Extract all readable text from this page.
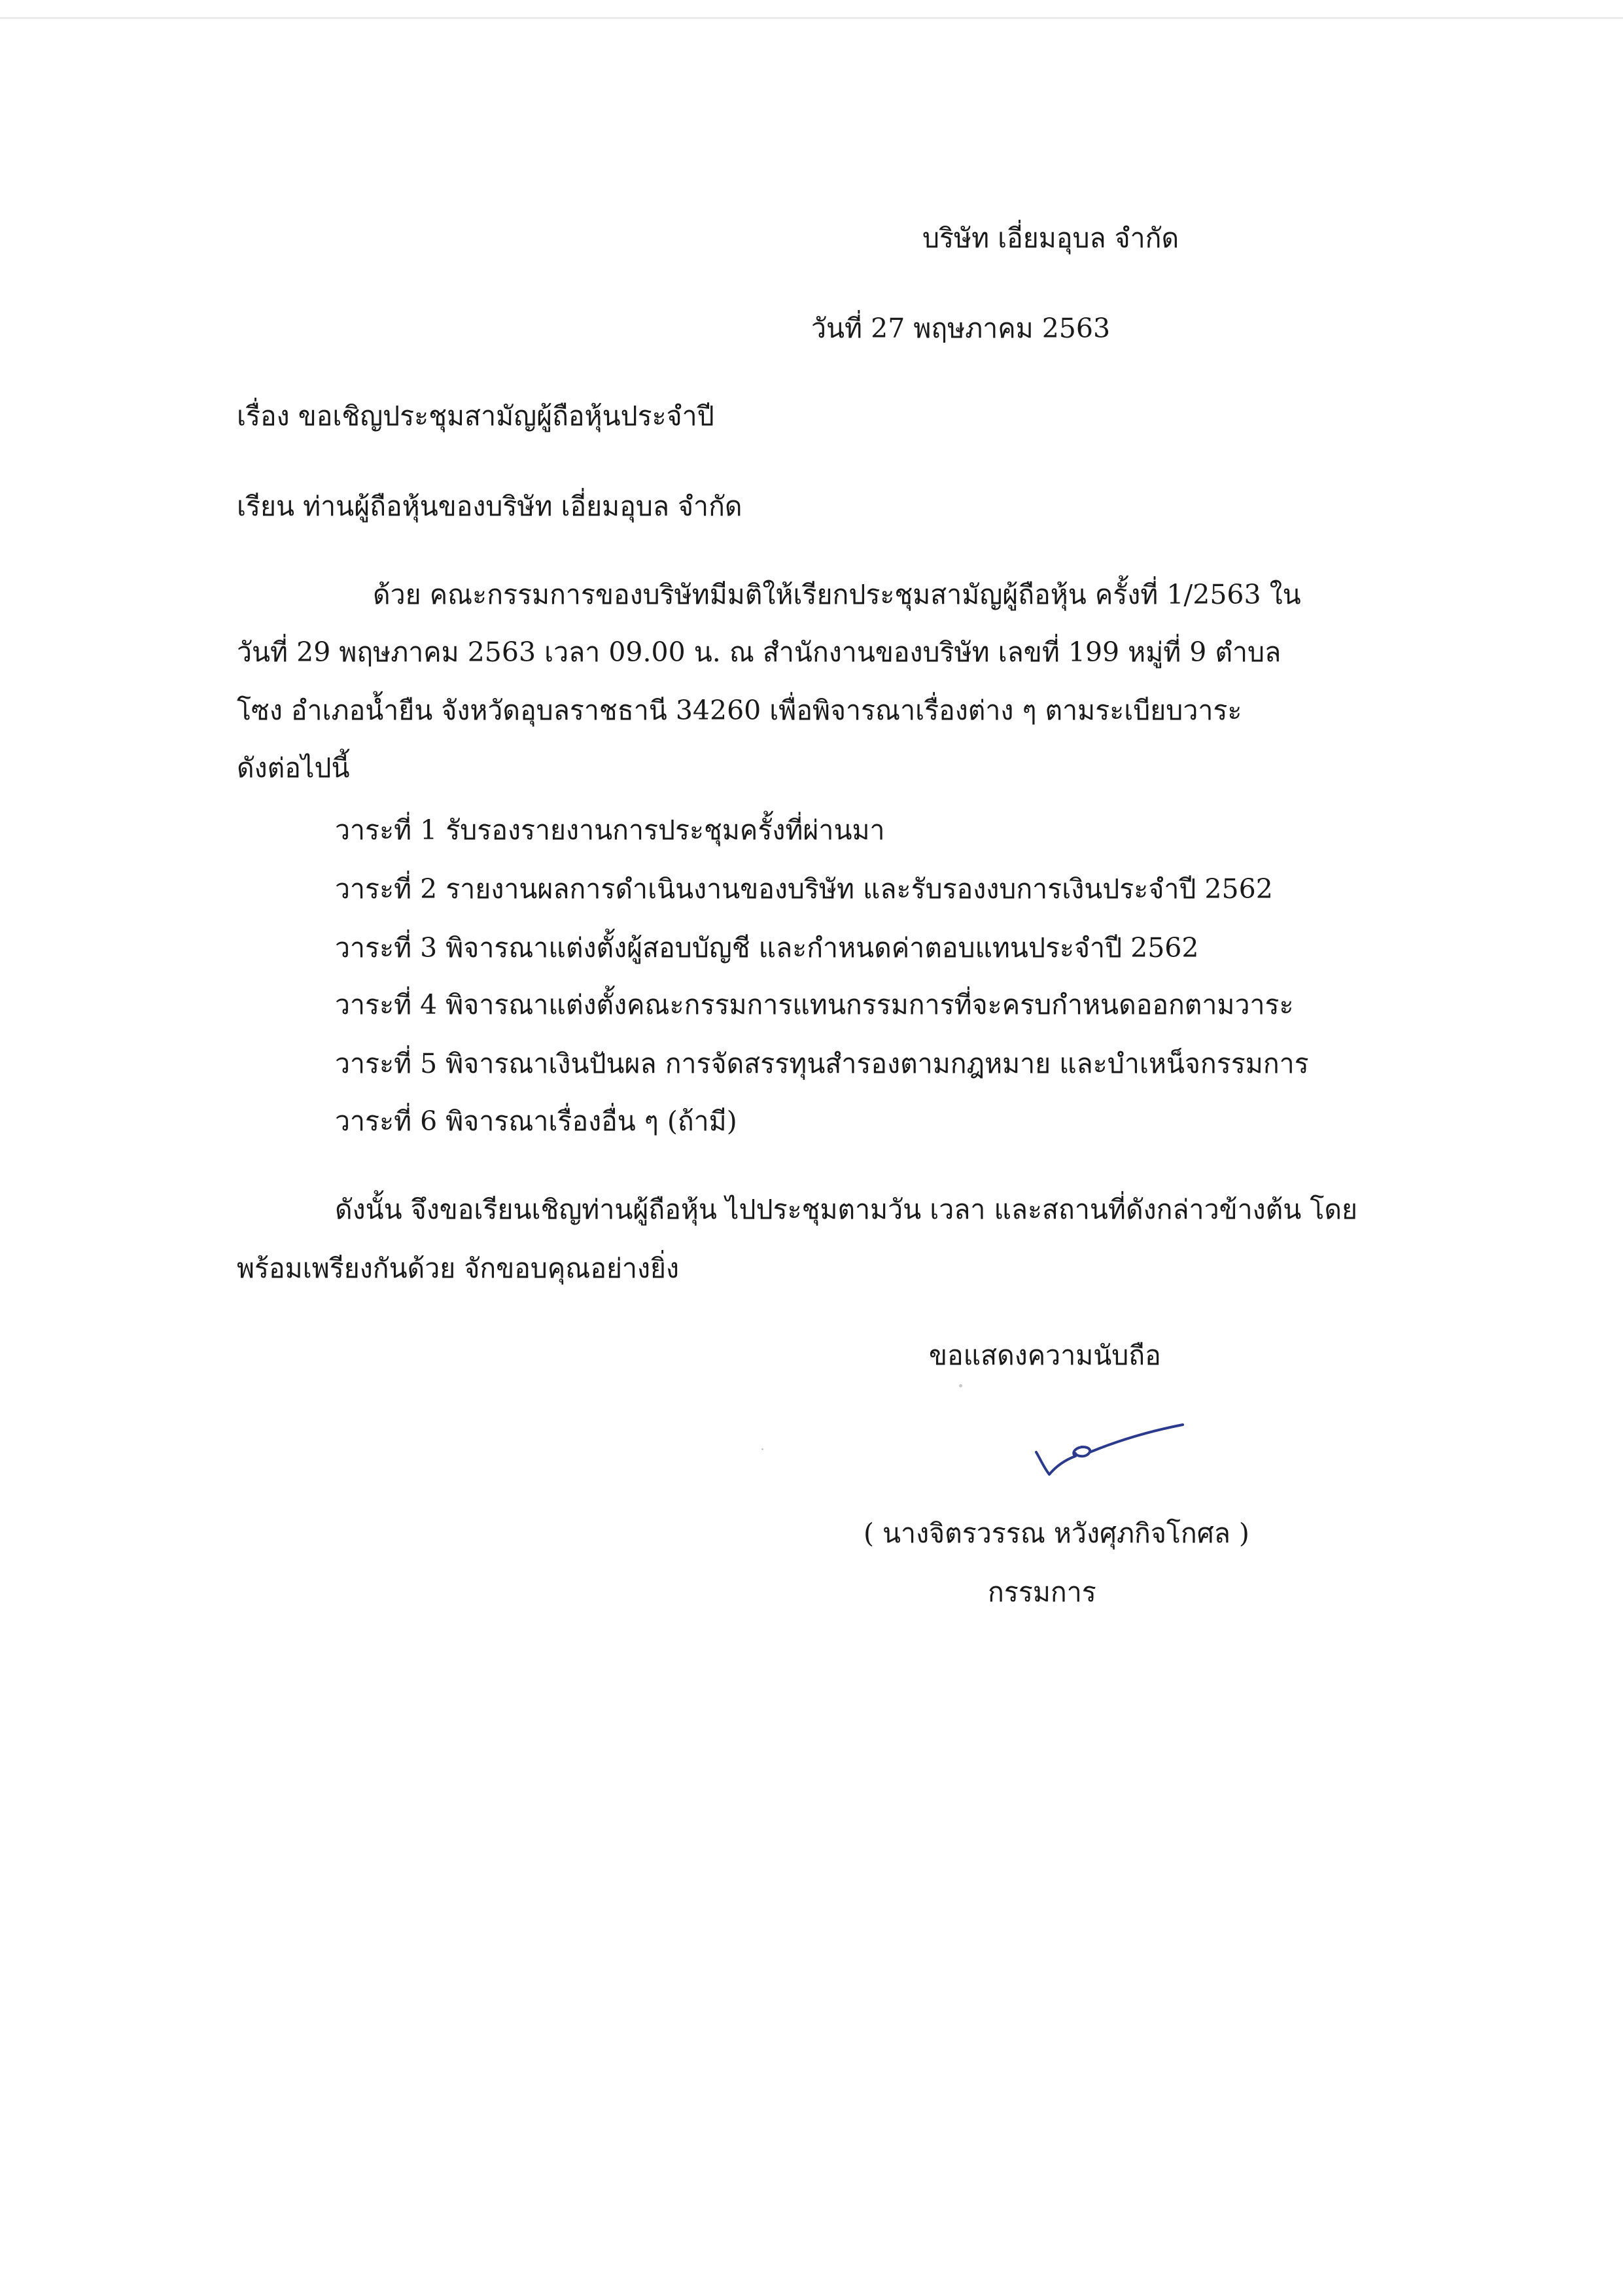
บริษัท เอี่ยมอุบล จำกัด
วันที่ 27 พฤษภาคม 2563
เรื่อง ขอเชิญประชุมสามัญผู้ถือหุ้นประจำปี
เรียน ท่านผู้ถือหุ้นของบริษัท เอี่ยมอุบล จำกัด
ด้วย คณะกรรมการของบริษัทมีมติให้เรียกประชุมสามัญผู้ถือหุ้น ครั้งที่ 1/2563 ใน
วันที่ 29 พฤษภาคม 2563 เวลา 09.00 น. ณ สำนักงานของบริษัท เลขที่ 199 หมู่ที่ 9 ตำบล
โซง อำเภอน้ำยืน จังหวัดอุบลราชธานี 34260 เพื่อพิจารณาเรื่องต่าง ๆ ตามระเบียบวาระ
ดังต่อไปนี้
วาระที่ 1 รับรองรายงานการประชุมครั้งที่ผ่านมา
วาระที่ 2 รายงานผลการดำเนินงานของบริษัท และรับรองงบการเงินประจำปี 2562
วาระที่ 3 พิจารณาแต่งตั้งผู้สอบบัญชี และกำหนดค่าตอบแทนประจำปี 2562
วาระที่ 4 พิจารณาแต่งตั้งคณะกรรมการแทนกรรมการที่จะครบกำหนดออกตามวาระ
วาระที่ 5 พิจารณาเงินปันผล การจัดสรรทุนสำรองตามกฎหมาย และบำเหน็จกรรมการ
วาระที่ 6 พิจารณาเรื่องอื่น ๆ (ถ้ามี)
ดังนั้น จึงขอเรียนเชิญท่านผู้ถือหุ้น ไปประชุมตามวัน เวลา และสถานที่ดังกล่าวข้างต้น โดย
พร้อมเพรียงกันด้วย จักขอบคุณอย่างยิ่ง
ขอแสดงความนับถือ
( นางจิตรวรรณ หวังศุภกิจโกศล )
กรรมการ
